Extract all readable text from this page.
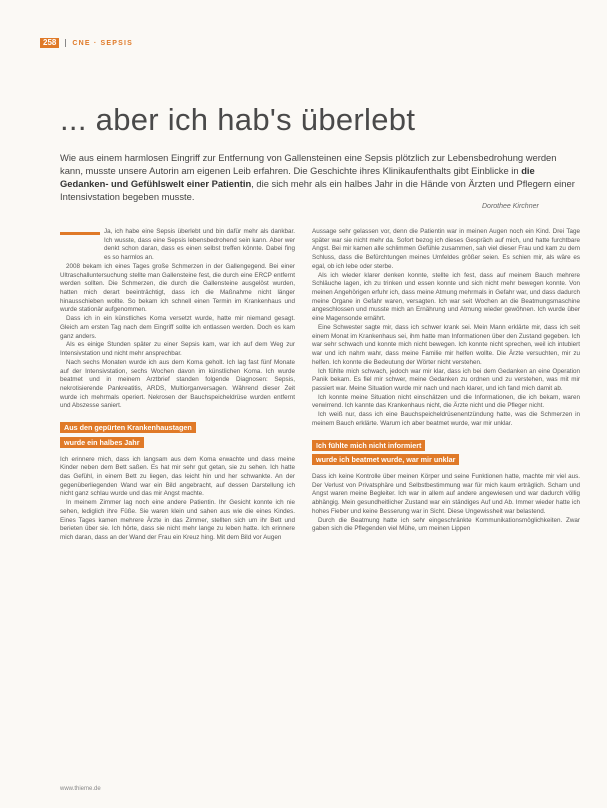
258	CNE · SEPSIS
... aber ich hab's überlebt

Wie aus einem harmlosen Eingriff zur Entfernung von Gallensteinen eine Sepsis plötzlich zur Lebensbedrohung werden kann, musste unsere Autorin am eigenen Leib erfahren. Die Geschichte ihres Klinikaufenthalts gibt Einblicke in die Gedanken- und Gefühlswelt einer Patientin, die sich mehr als ein halbes Jahr in die Hände von Ärzten und Pflegern einer Intensivstation begeben musste.

Dorothee Kirchner

Ja, ich habe eine Sepsis überlebt und bin dafür mehr als dankbar. Ich wusste, dass eine Sepsis lebensbedrohend sein kann. Aber wer denkt schon daran, dass es einen selbst treffen könnte. Dabei fing es so harmlos an.

2008 bekam ich eines Tages große Schmerzen in der Gallengegend. Bei einer Ultraschalluntersuchung stellte man Gallensteine fest, die durch eine ERCP entfernt werden sollten. Die Schmerzen, die durch die Gallensteine ausgelöst wurden, hatten mich derart beeinträchtigt, dass ich die Maßnahme nicht länger hinausschieben wollte. So bekam ich schnell einen Termin im Krankenhaus und wurde stationär aufgenommen.

Dass ich in ein künstliches Koma versetzt wurde, hatte mir niemand gesagt. Gleich am ersten Tag nach dem Eingriff sollte ich entlassen werden. Doch es kam ganz anders.

Als es einige Stunden später zu einer Sepsis kam, war ich auf dem Weg zur Intensivstation und nicht mehr ansprechbar.

Nach sechs Monaten wurde ich aus dem Koma geholt. Ich lag fast fünf Monate auf der Intensivstation, sechs Wochen davon im künstlichen Koma. Ich wurde beatmet und in meinem Arztbrief standen folgende Diagnosen: Sepsis, nekrotisierende Pankreatitis, ARDS, Multiorganversagen. Während dieser Zeit wurde ich mehrmals operiert. Nekrosen der Bauchspeicheldrüse wurden entfernt und Abszesse saniert.

Aus den gepürten Krankenhaustagen
wurde ein halbes Jahr

Ich erinnere mich, dass ich langsam aus dem Koma erwachte und dass meine Kinder neben dem Bett saßen. Es hat mir sehr gut getan, sie zu sehen. Ich hatte das Gefühl, in einem Bett zu liegen, das leicht hin und her schwankte. An der gegenüberliegenden Wand war ein Bild angebracht, auf dessen Darstellung ich nicht ganz schlau wurde und das mir Angst machte.

In meinem Zimmer lag noch eine andere Patientin. Ihr Gesicht konnte ich nie sehen, lediglich ihre Füße. Sie waren klein und sahen aus wie die eines Kindes. Eines Tages kamen mehrere Ärzte in das Zimmer, stellten sich um ihr Bett und berieten über sie. Ich hörte, dass sie nicht mehr lange zu leben hatte. Ich erinnere mich daran, dass an der Wand der Frau ein Kreuz hing. Mit dem Bild vor Augen

Aussage sehr gelassen vor, denn die Patientin war in meinen Augen noch ein Kind. Drei Tage später war sie nicht mehr da. Sofort bezog ich dieses Gespräch auf mich, und hatte furchtbare Angst. Bei mir kamen alle schlimmen Gefühle zusammen, sah viel dieser Frau und kam zu dem Schluss, dass die Befürchtungen meines Umfeldes größer seien. Es schien mir, als wäre es egal, ob ich lebe oder sterbe.

Als ich wieder klarer denken konnte, stellte ich fest, dass auf meinem Bauch mehrere Schläuche lagen, ich zu trinken und essen konnte und sich nicht mehr bewegen konnte. Von meinen Angehörigen erfuhr ich, dass meine Atmung mehrmals in Gefahr war, und dass dadurch meine Organe in Gefahr waren, versagten. Ich war seit Wochen an die Beatmungsmaschine angeschlossen und musste mich an Ernährung und Atmung wieder gewöhnen. Ich wurde über eine Magensonde ernährt.

Eine Schwester sagte mir, dass ich schwer krank sei. Mein Mann erklärte mir, dass ich seit einem Monat im Krankenhaus sei, ihm hatte man Informationen über den Zustand gegeben. Ich war sehr schwach und konnte mich nicht bewegen. Ich konnte nicht sprechen, weil ich intubiert war und ich nahm wahr, dass meine Familie mir helfen wollte. Die Ärzte versuchten, mir zu helfen. Ich konnte die Bedeutung der Wörter nicht verstehen.

Ich fühlte mich schwach, jedoch war mir klar, dass ich bei dem Gedanken an eine Operation Panik bekam. Es fiel mir schwer, meine Gedanken zu ordnen und zu verstehen, was mit mir passiert war. Meine Situation wurde mir nach und nach klarer, und ich fand mich damit ab.

Ich konnte meine Situation nicht einschätzen und die Informationen, die ich bekam, waren verwirrend. Ich kannte das Krankenhaus nicht, die Ärzte nicht und die Pfleger nicht.

Ich weiß nur, dass ich eine Bauchspeicheldrüsenentzündung hatte, was die Schmerzen in meinem Bauch erklärte. Warum ich aber beatmet wurde, war mir unklar.

Ich fühlte mich nicht informiert
wurde ich beatmet wurde, war mir unklar

Dass ich keine Kontrolle über meinen Körper und seine Funktionen hatte, machte mir viel aus. Der Verlust von Privatsphäre und Selbstbestimmung war für mich kaum erträglich. Scham und Angst waren meine Begleiter. Ich war in allem auf andere angewiesen und war dadurch völlig abhängig. Mein gesundheitlicher Zustand war ein ständiges Auf und Ab. Immer wieder hatte ich hohes Fieber und keine Besserung war in Sicht. Diese Ungewissheit war belastend.

Durch die Beatmung hatte ich sehr eingeschränkte Kommunikationsmöglichkeiten. Zwar gaben sich die Pflegenden viel Mühe, um meinen Lippen

www.thieme.de
